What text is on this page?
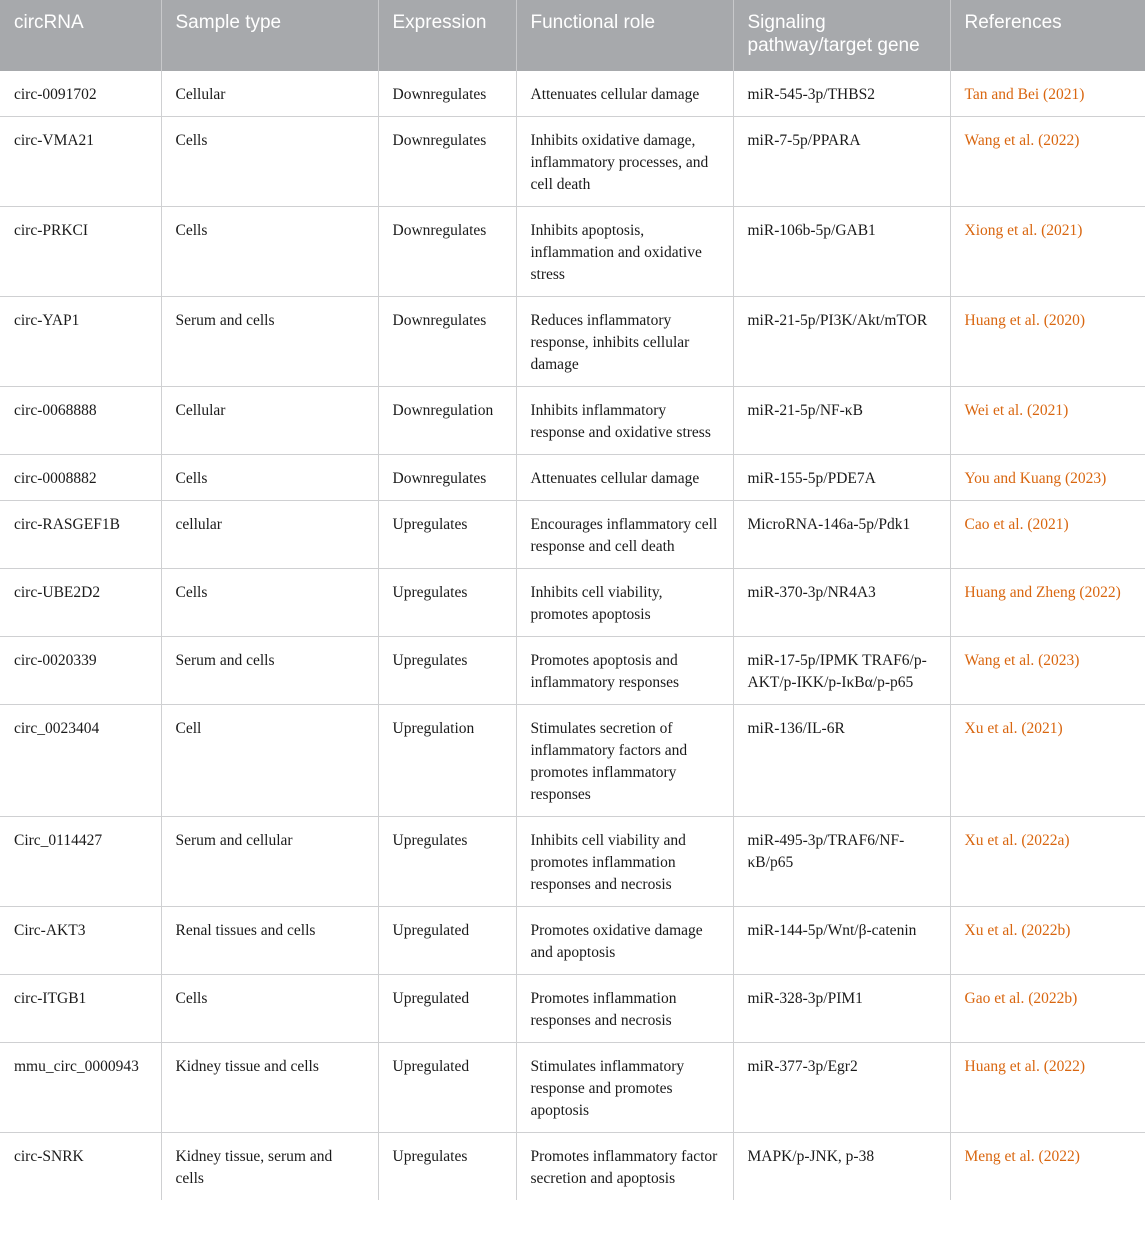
circRNA	Sample type	Expression	Functional role	Signaling pathway/target gene	References
circ-0091702	Cellular	Downregulates	Attenuates cellular damage	miR-545-3p/THBS2	Tan and Bei (2021)
circ-VMA21	Cells	Downregulates	Inhibits oxidative damage, inflammatory processes, and cell death	miR-7-5p/PPARA	Wang et al. (2022)
circ-PRKCI	Cells	Downregulates	Inhibits apoptosis, inflammation and oxidative stress	miR-106b-5p/GAB1	Xiong et al. (2021)
circ-YAP1	Serum and cells	Downregulates	Reduces inflammatory response, inhibits cellular damage	miR-21-5p/PI3K/Akt/mTOR	Huang et al. (2020)
circ-0068888	Cellular	Downregulation	Inhibits inflammatory response and oxidative stress	miR-21-5p/NF-κB	Wei et al. (2021)
circ-0008882	Cells	Downregulates	Attenuates cellular damage	miR-155-5p/PDE7A	You and Kuang (2023)
circ-RASGEF1B	cellular	Upregulates	Encourages inflammatory cell response and cell death	MicroRNA-146a-5p/Pdk1	Cao et al. (2021)
circ-UBE2D2	Cells	Upregulates	Inhibits cell viability, promotes apoptosis	miR-370-3p/NR4A3	Huang and Zheng (2022)
circ-0020339	Serum and cells	Upregulates	Promotes apoptosis and inflammatory responses	miR-17-5p/IPMK TRAF6/p-AKT/p-IKK/p-IκBα/p-p65	Wang et al. (2023)
circ_0023404	Cell	Upregulation	Stimulates secretion of inflammatory factors and promotes inflammatory responses	miR-136/IL-6R	Xu et al. (2021)
Circ_0114427	Serum and cellular	Upregulates	Inhibits cell viability and promotes inflammation responses and necrosis	miR-495-3p/TRAF6/NF-κB/p65	Xu et al. (2022a)
Circ-AKT3	Renal tissues and cells	Upregulated	Promotes oxidative damage and apoptosis	miR-144-5p/Wnt/β-catenin	Xu et al. (2022b)
circ-ITGB1	Cells	Upregulated	Promotes inflammation responses and necrosis	miR-328-3p/PIM1	Gao et al. (2022b)
mmu_circ_0000943	Kidney tissue and cells	Upregulated	Stimulates inflammatory response and promotes apoptosis	miR-377-3p/Egr2	Huang et al. (2022)
circ-SNRK	Kidney tissue, serum and cells	Upregulates	Promotes inflammatory factor secretion and apoptosis	MAPK/p-JNK, p-38	Meng et al. (2022)
